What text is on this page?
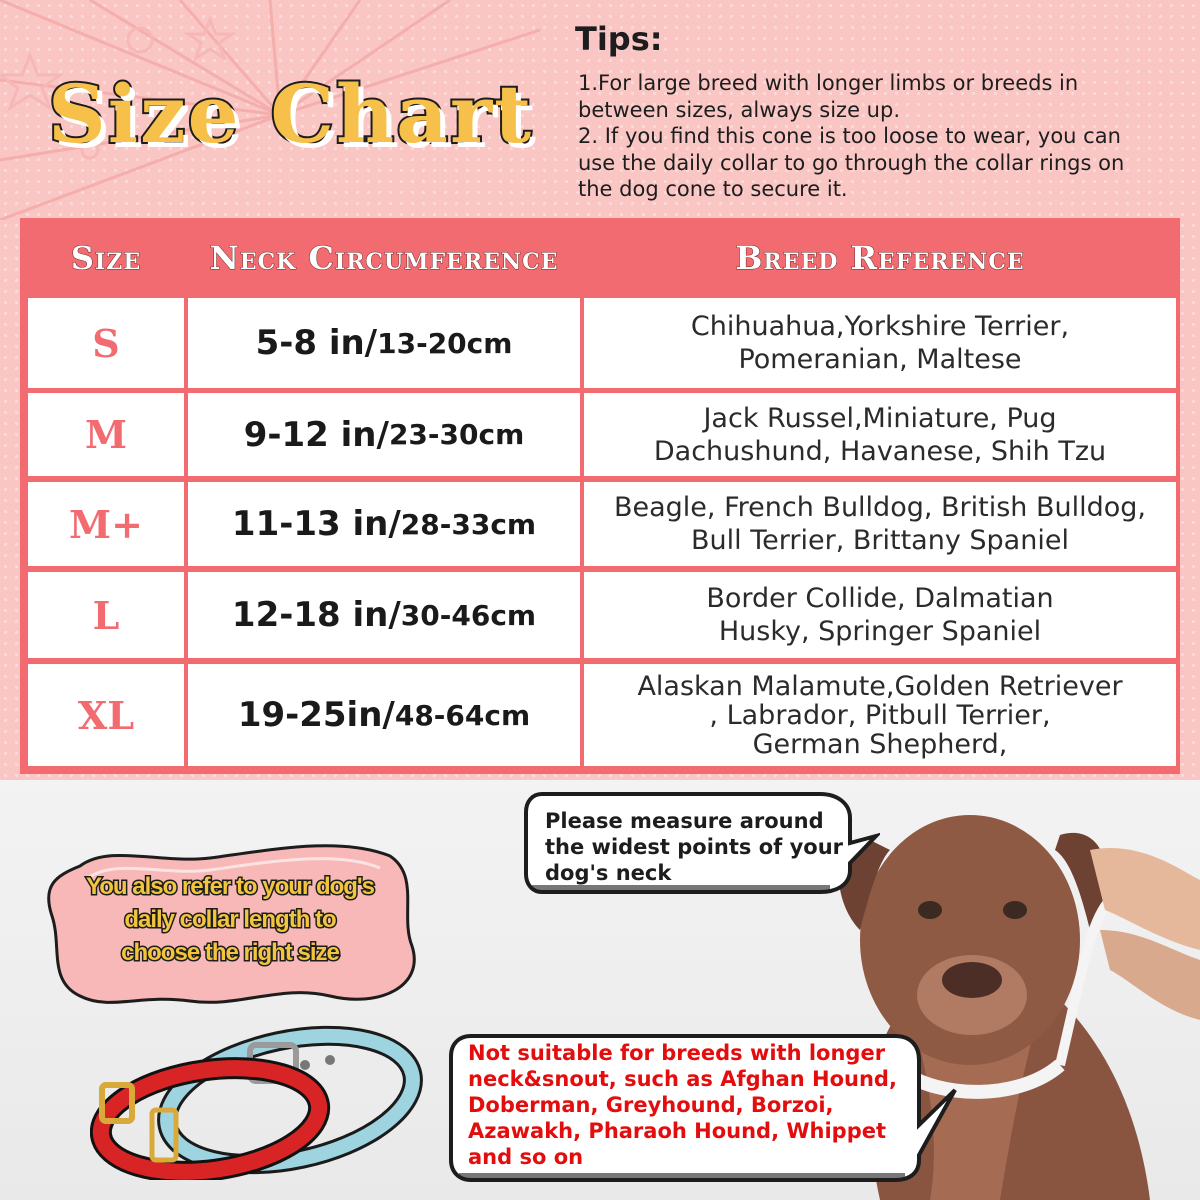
Size Chart
Tips:
1.For large breed with longer limbs or breeds in
between sizes, always size up.
2. If you find this cone is too loose to wear, you can
use the daily collar to go through the collar rings on
the dog cone to secure it.
Size	Neck Circumference	Breed Reference
S	5-8 in/ 13-20cm	Chihuahua,Yorkshire Terrier,
Pomeranian, Maltese
M	9-12 in/ 23-30cm	Jack Russel,Miniature, Pug
Dachushund, Havanese, Shih Tzu
M+	11-13 in/ 28-33cm	Beagle, French Bulldog, British Bulldog,
Bull Terrier, Brittany Spaniel
L	12-18 in/ 30-46cm	Border Collide, Dalmatian
Husky, Springer Spaniel
XL	19-25in/ 48-64cm
Alaskan Malamute,Golden Retriever
, Labrador, Pitbull Terrier,
German Shepherd,
You also refer to your dog's
daily collar length to
choose the right size
Please measure around
the widest points of your
dog's neck
Not suitable for breeds with longer
neck&snout, such as Afghan Hound,
Doberman, Greyhound, Borzoi,
Azawakh, Pharaoh Hound, Whippet
and so on
